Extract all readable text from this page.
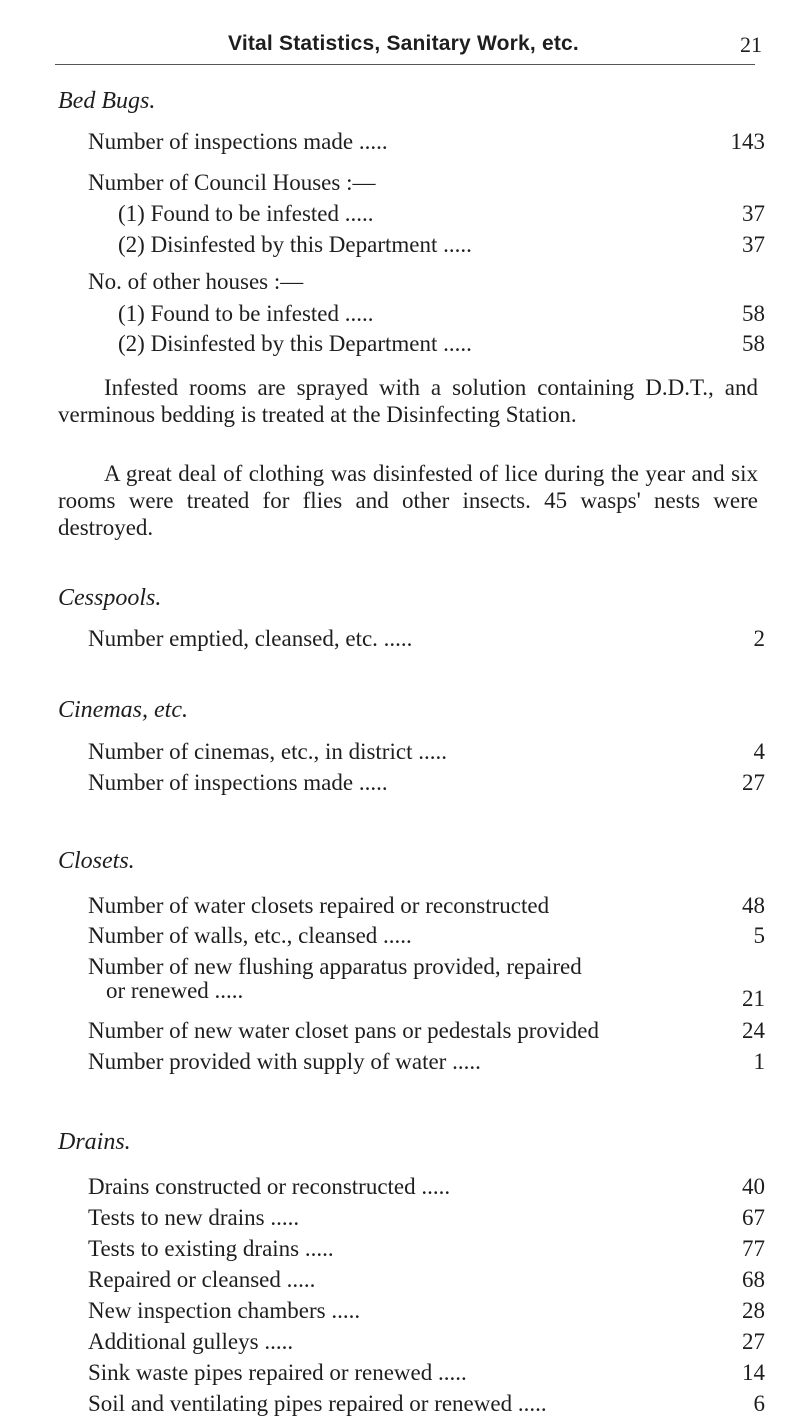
Vital Statistics, Sanitary Work, etc.	21
Bed Bugs.
Number of inspections made .....	143
Number of Council Houses :—
(1) Found to be infested .....	37
(2) Disinfested by this Department .....	37
No. of other houses :—
(1) Found to be infested .....	58
(2) Disinfested by this Department .....	58
Infested rooms are sprayed with a solution containing D.D.T., and verminous bedding is treated at the Disinfecting Station.
A great deal of clothing was disinfested of lice during the year and six rooms were treated for flies and other insects. 45 wasps' nests were destroyed.
Cesspools.
Number emptied, cleansed, etc. .....	2
Cinemas, etc.
Number of cinemas, etc., in district .....	4
Number of inspections made .....	27
Closets.
Number of water closets repaired or reconstructed	48
Number of walls, etc., cleansed .....	5
Number of new flushing apparatus provided, repaired
or renewed .....	21
Number of new water closet pans or pedestals provided	24
Number provided with supply of water .....	1
Drains.
Drains constructed or reconstructed .....	40
Tests to new drains .....	67
Tests to existing drains .....	77
Repaired or cleansed .....	68
New inspection chambers .....	28
Additional gulleys .....	27
Sink waste pipes repaired or renewed .....	14
Soil and ventilating pipes repaired or renewed .....	6
